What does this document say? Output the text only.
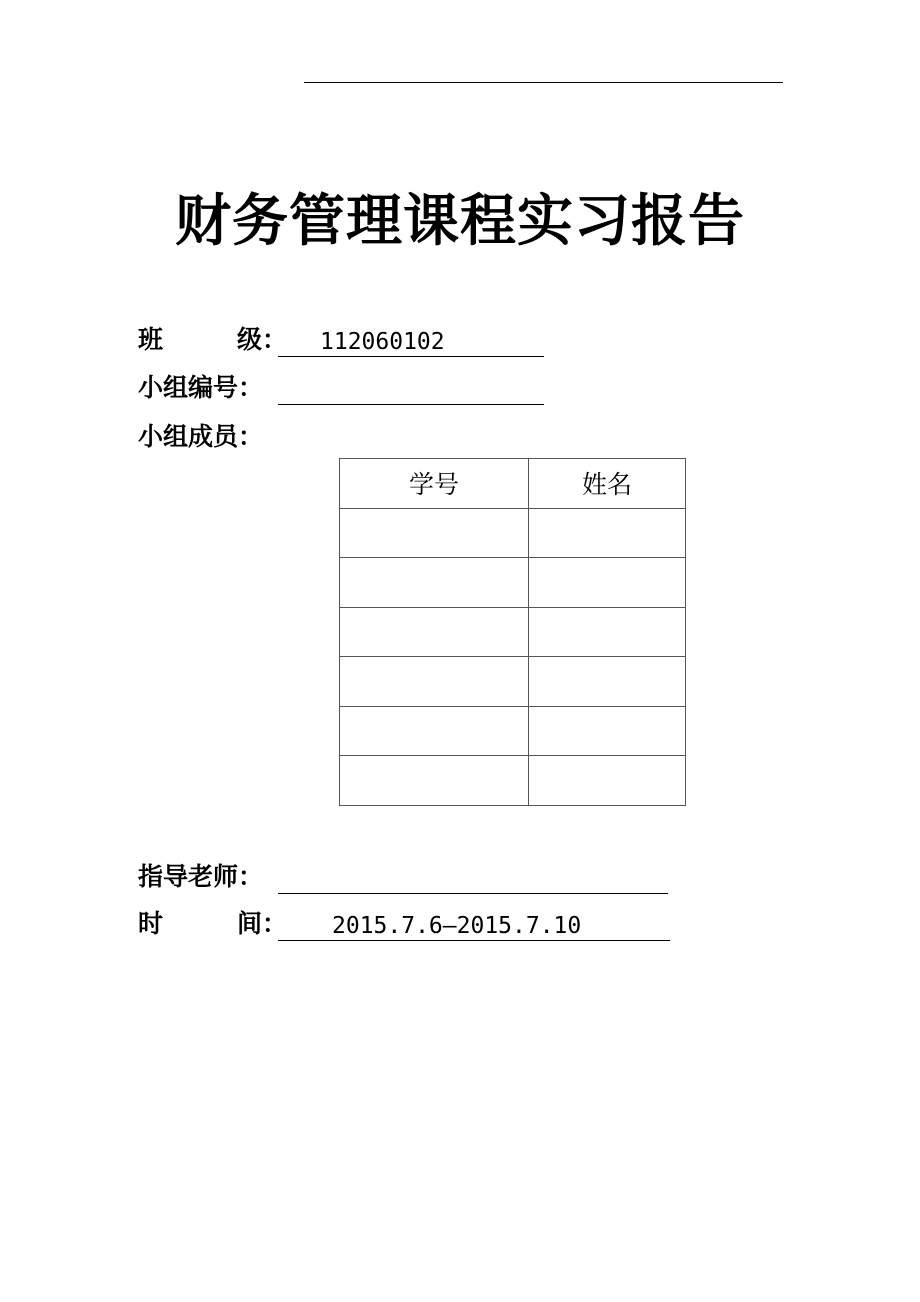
财务管理课程实习报告
班	级 ：	112060102
小组编号 ：
小组成员 ：
学号	姓名

指导老师 ：
时	间 ：	2015.7.6—2015.7.10
